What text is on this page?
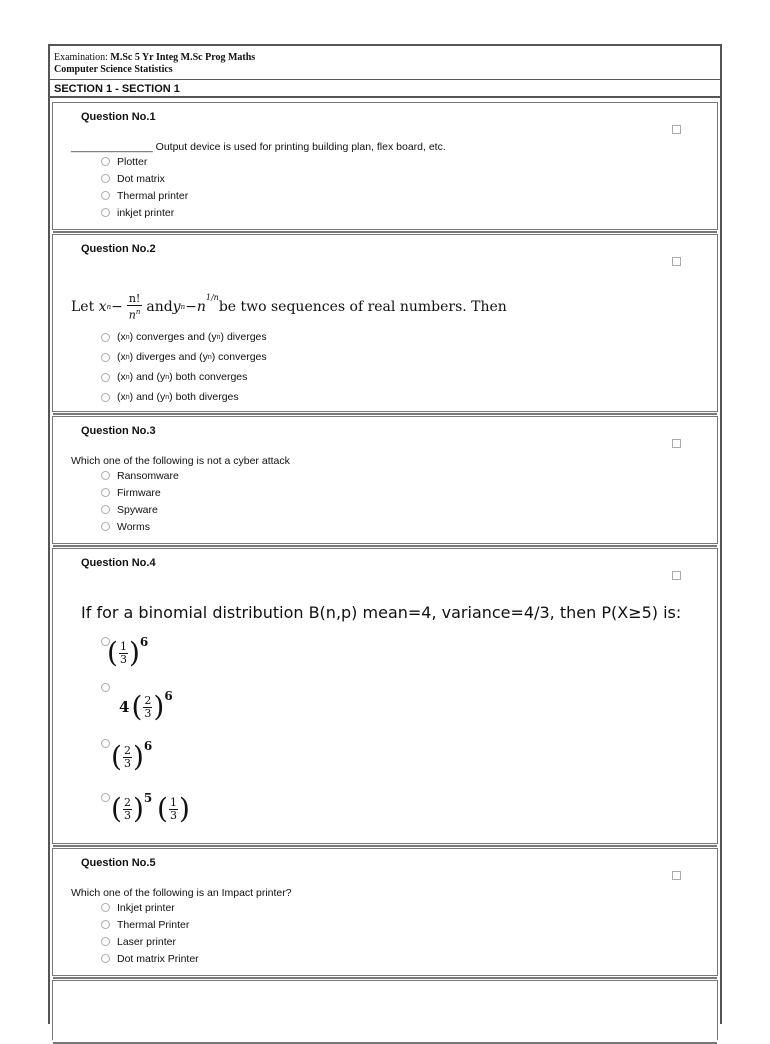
Examination: M.Sc 5 Yr Integ M.Sc Prog Maths
Computer Science Statistics
SECTION 1 - SECTION 1
Question No.1
______________ Output device is used for printing building plan, flex board, etc.
Plotter
Dot matrix
Thermal printer
inkjet printer
Question No.2
Let
x $n - \frac{n!}{n^n}$ and y n − n
$^{1/n}$
be two sequences of real numbers. Then
(x n ) converges and (y n ) diverges
(x n ) diverges and (y n ) converges
(x n ) and (y n ) both converges
(x n ) and (y n ) both diverges
Question No.3
Which one of the following is not a cyber attack
Ransomware
Firmware
Spyware
Worms
Question No.4
If for a binomial distribution B(n,p) mean=4, variance=4/3, then P(X≥5) is:
( 1
3 ) 6
4 ( 2
3 ) 6
( 2
3 ) 6
( 2
3 ) 5
( 1
3 )
Question No.5
Which one of the following is an Impact printer?
Inkjet printer
Thermal Printer
Laser printer
Dot matrix Printer
